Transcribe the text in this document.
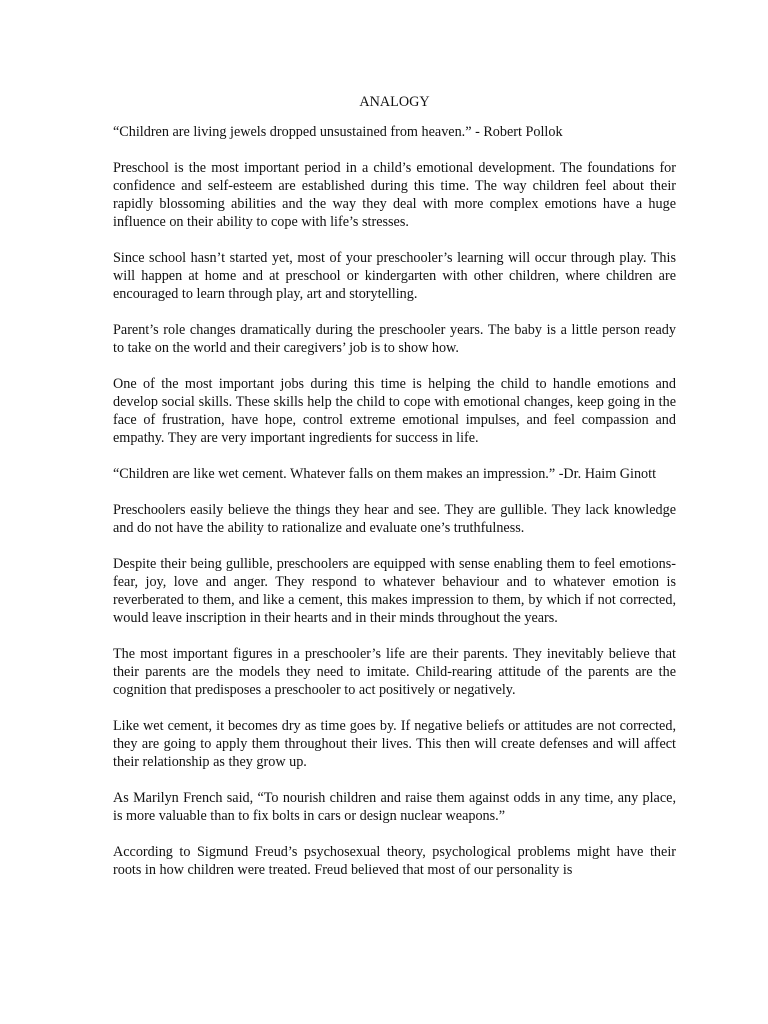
ANALOGY

“Children are living jewels dropped unsustained from heaven.” - Robert Pollok

Preschool is the most important period in a child’s emotional development. The foundations for confidence and self-esteem are established during this time. The way children feel about their rapidly blossoming abilities and the way they deal with more complex emotions have a huge influence on their ability to cope with life’s stresses.

Since school hasn’t started yet, most of your preschooler’s learning will occur through play. This will happen at home and at preschool or kindergarten with other children, where children are encouraged to learn through play, art and storytelling.

Parent’s role changes dramatically during the preschooler years. The baby is a little person ready to take on the world and their caregivers’ job is to show how.

One of the most important jobs during this time is helping the child to handle emotions and develop social skills. These skills help the child to cope with emotional changes, keep going in the face of frustration, have hope, control extreme emotional impulses, and feel compassion and empathy. They are very important ingredients for success in life.

“Children are like wet cement. Whatever falls on them makes an impression.” -Dr. Haim Ginott

Preschoolers easily believe the things they hear and see. They are gullible. They lack knowledge and do not have the ability to rationalize and evaluate one’s truthfulness.

Despite their being gullible, preschoolers are equipped with sense enabling them to feel emotions-fear, joy, love and anger. They respond to whatever behaviour and to whatever emotion is reverberated to them, and like a cement, this makes impression to them, by which if not corrected, would leave inscription in their hearts and in their minds throughout the years.

The most important figures in a preschooler’s life are their parents. They inevitably believe that their parents are the models they need to imitate. Child-rearing attitude of the parents are the cognition that predisposes a preschooler to act positively or negatively.

Like wet cement, it becomes dry as time goes by. If negative beliefs or attitudes are not corrected, they are going to apply them throughout their lives. This then will create defenses and will affect their relationship as they grow up.

As Marilyn French said, “To nourish children and raise them against odds in any time, any place, is more valuable than to fix bolts in cars or design nuclear weapons.”

According to Sigmund Freud’s psychosexual theory, psychological problems might have their roots in how children were treated. Freud believed that most of our personality is
